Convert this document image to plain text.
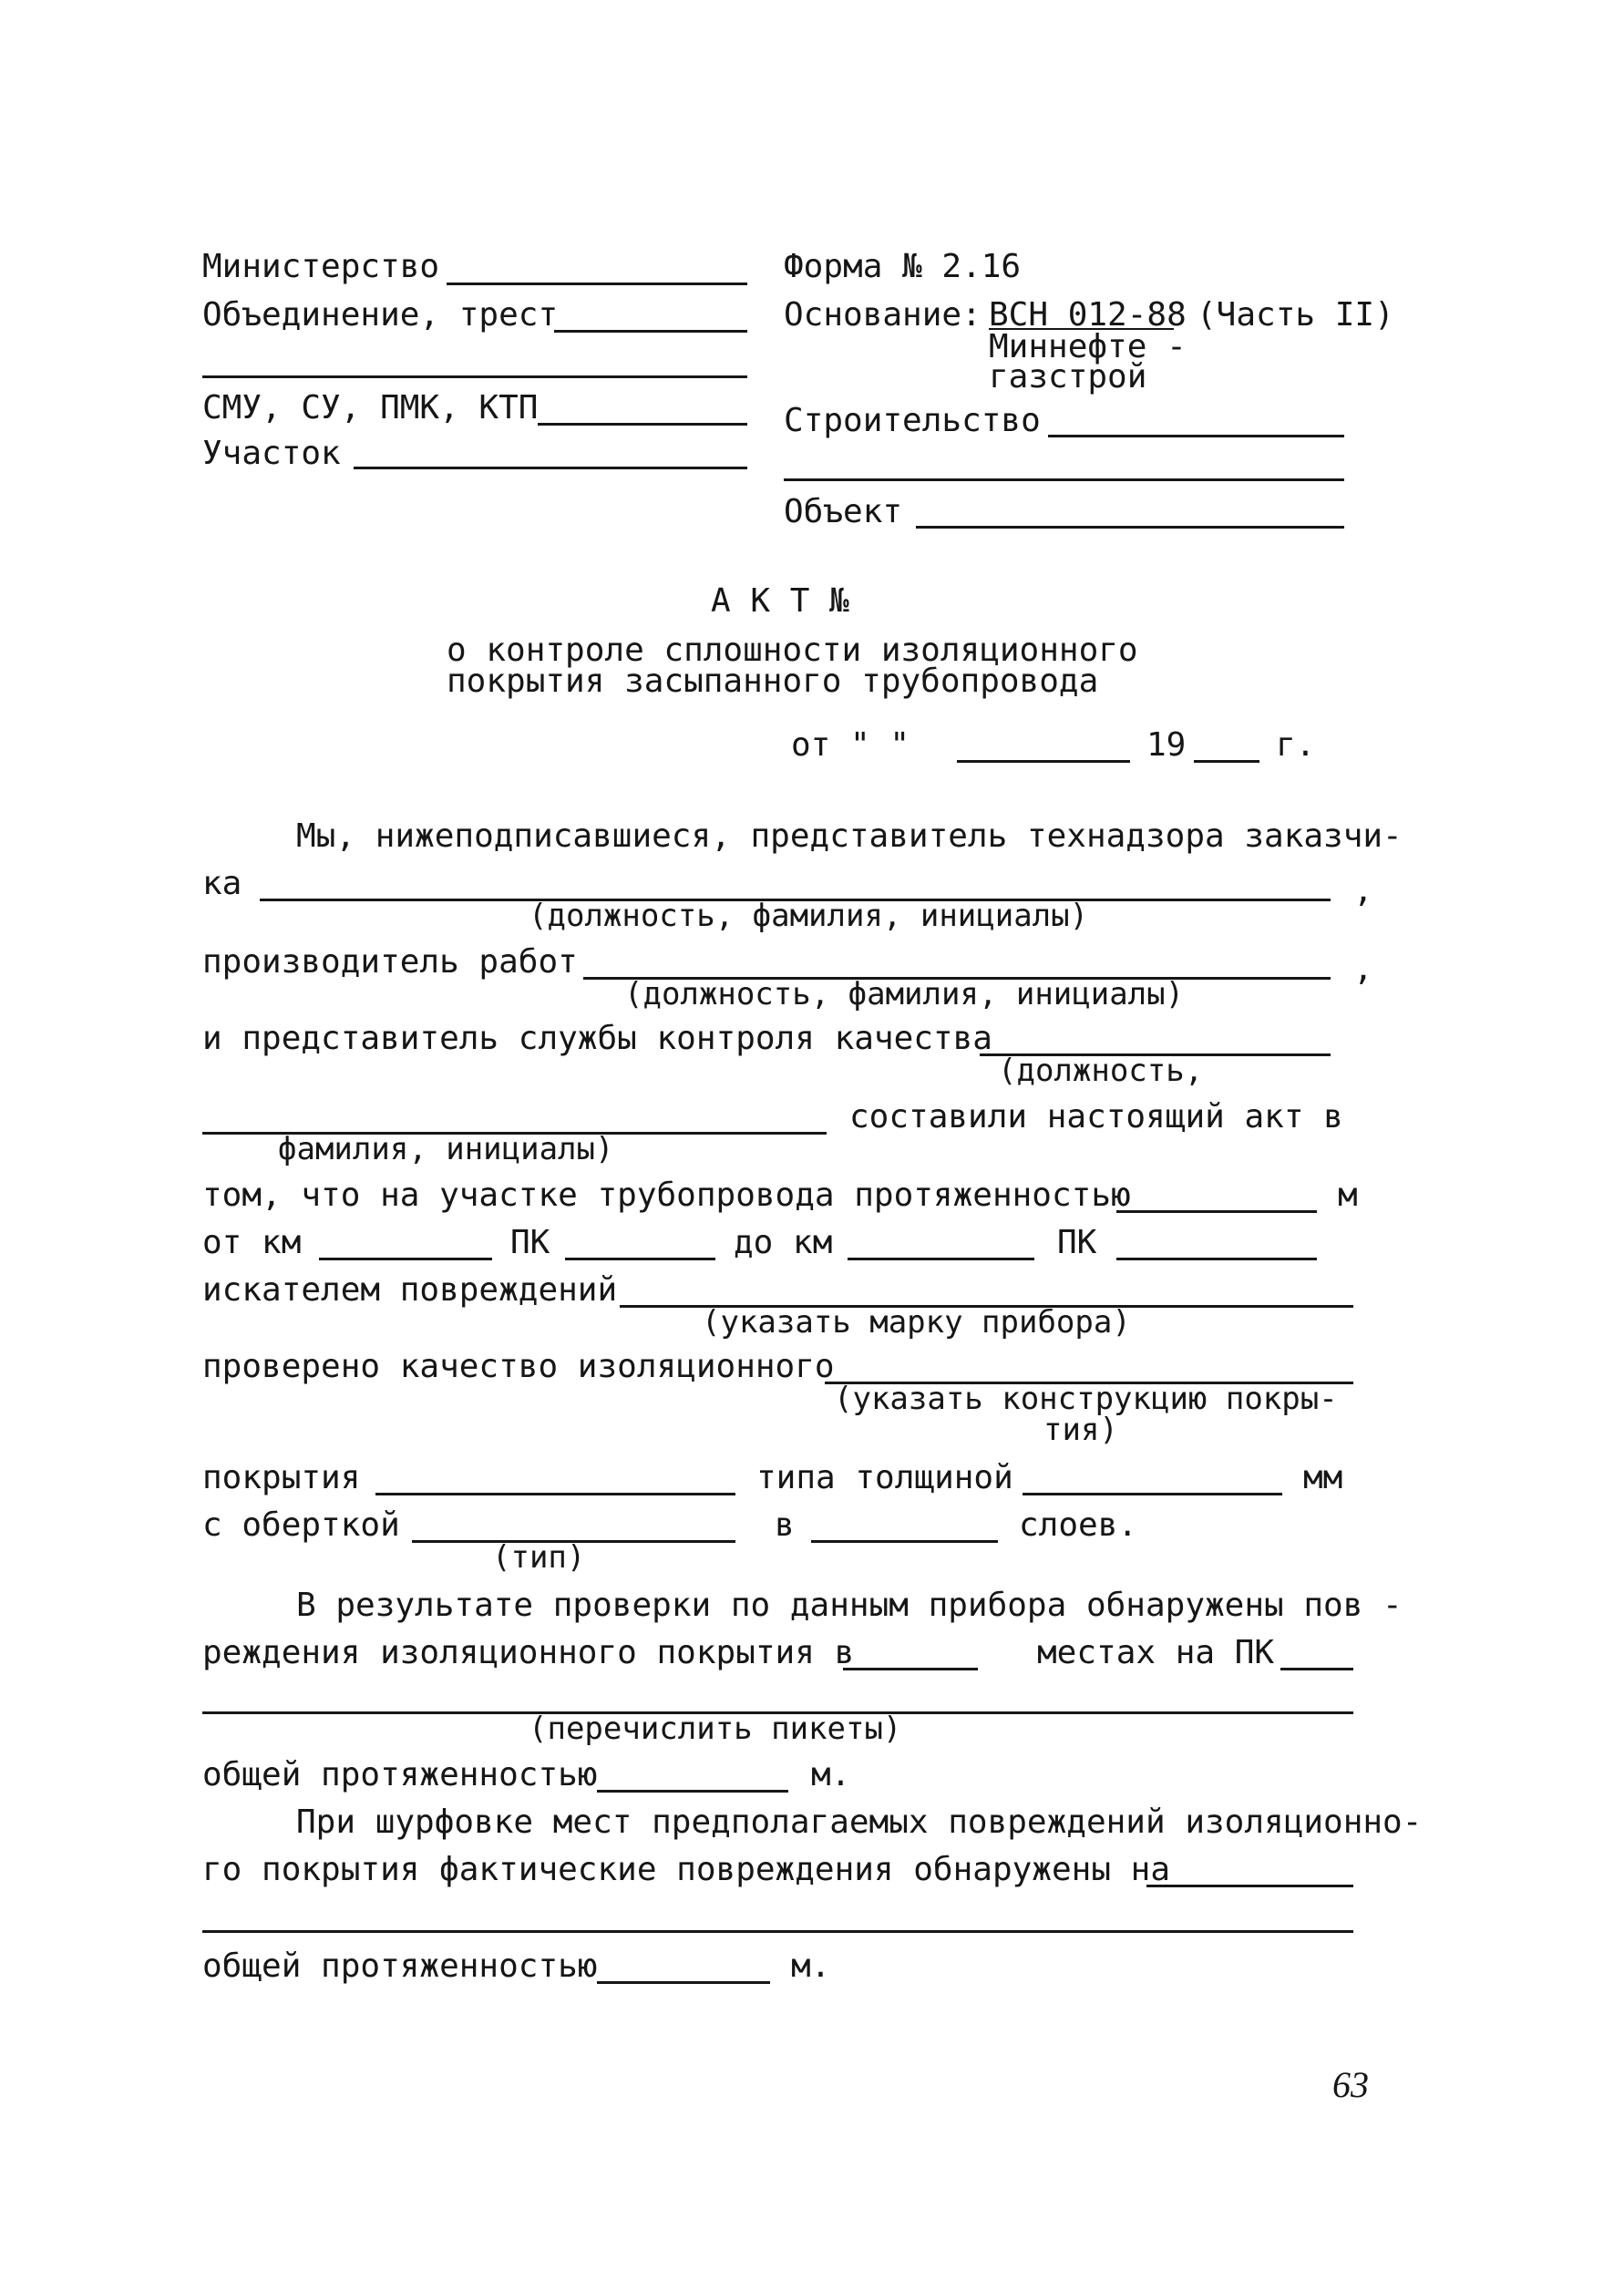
Министерство
Объединение, трест
СМУ, СУ, ПМК, КТП
Участок
Форма № 2.16
Основание: ВСН 012-88 (Часть II)
Миннефте -
газстрой
Строительство
Объект
А К Т №
о контроле сплошности изоляционного
покрытия засыпанного трубопровода
от " "	19	г.
Мы, нижеподписавшиеся, представитель технадзора заказчи-
ка	,
(должность, фамилия, инициалы)
производитель работ	,
(должность, фамилия, инициалы)
и представитель службы контроля качества
(должность,
составили настоящий акт в
фамилия, инициалы)
том, что на участке трубопровода протяженностью	м
от км	ПК	до км	ПК
искателем повреждений
(указать марку прибора)
проверено качество изоляционного
(указать конструкцию покры-
тия)
покрытия	типа толщиной	мм
с оберткой	в	слоев.
(тип)
В результате проверки по данным прибора обнаружены пов -
реждения изоляционного покрытия в	местах на ПК
(перечислить пикеты)
общей протяженностью	м.
При шурфовке мест предполагаемых повреждений изоляционно-
го покрытия фактические повреждения обнаружены на
общей протяженностью	м.
63
